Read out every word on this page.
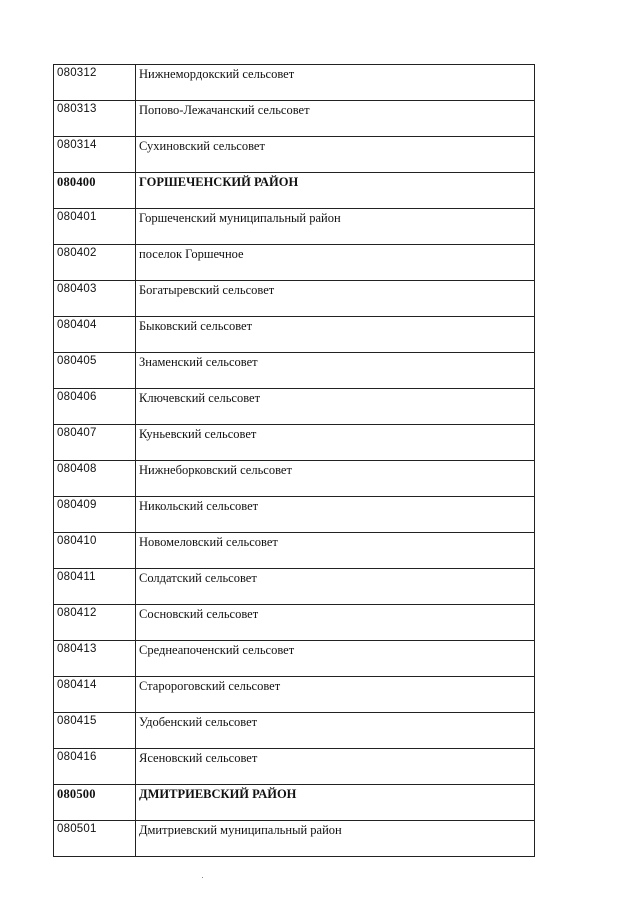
080312	Нижнемордокский сельсовет
080313	Попово-Лежачанский сельсовет
080314	Сухиновский сельсовет
080400	ГОРШЕЧЕНСКИЙ РАЙОН
080401	Горшеченский муниципальный район
080402	поселок Горшечное
080403	Богатыревский сельсовет
080404	Быковский сельсовет
080405	Знаменский сельсовет
080406	Ключевский сельсовет
080407	Куньевский сельсовет
080408	Нижнеборковский сельсовет
080409	Никольский сельсовет
080410	Новомеловский сельсовет
080411	Солдатский сельсовет
080412	Сосновский сельсовет
080413	Среднеапоченский сельсовет
080414	Старороговский сельсовет
080415	Удобенский сельсовет
080416	Ясеновский сельсовет
080500	ДМИТРИЕВСКИЙ РАЙОН
080501	Дмитриевский муниципальный район
